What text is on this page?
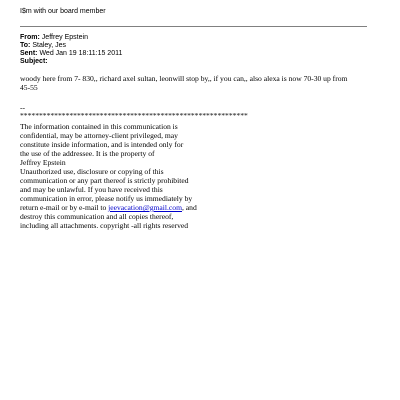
I$m with our board member
From: Jeffrey Epstein
To: Staley, Jes
Sent: Wed Jan 19 18:11:15 2011
Subject:
woody here from 7- 830,, richard axel sultan, leonwill stop by,, if you can,, also alexa is now 70-30 up from
45-55
--
************************************************************
The information contained in this communication is
confidential, may be attorney-client privileged, may
constitute inside information, and is intended only for
the use of the addressee. It is the property of
Jeffrey Epstein
Unauthorized use, disclosure or copying of this
communication or any part thereof is strictly prohibited
and may be unlawful. If you have received this
communication in error, please notify us immediately by
return e-mail or by e-mail to jeevacation@gmail.com, and
destroy this communication and all copies thereof,
including all attachments. copyright -all rights reserved
